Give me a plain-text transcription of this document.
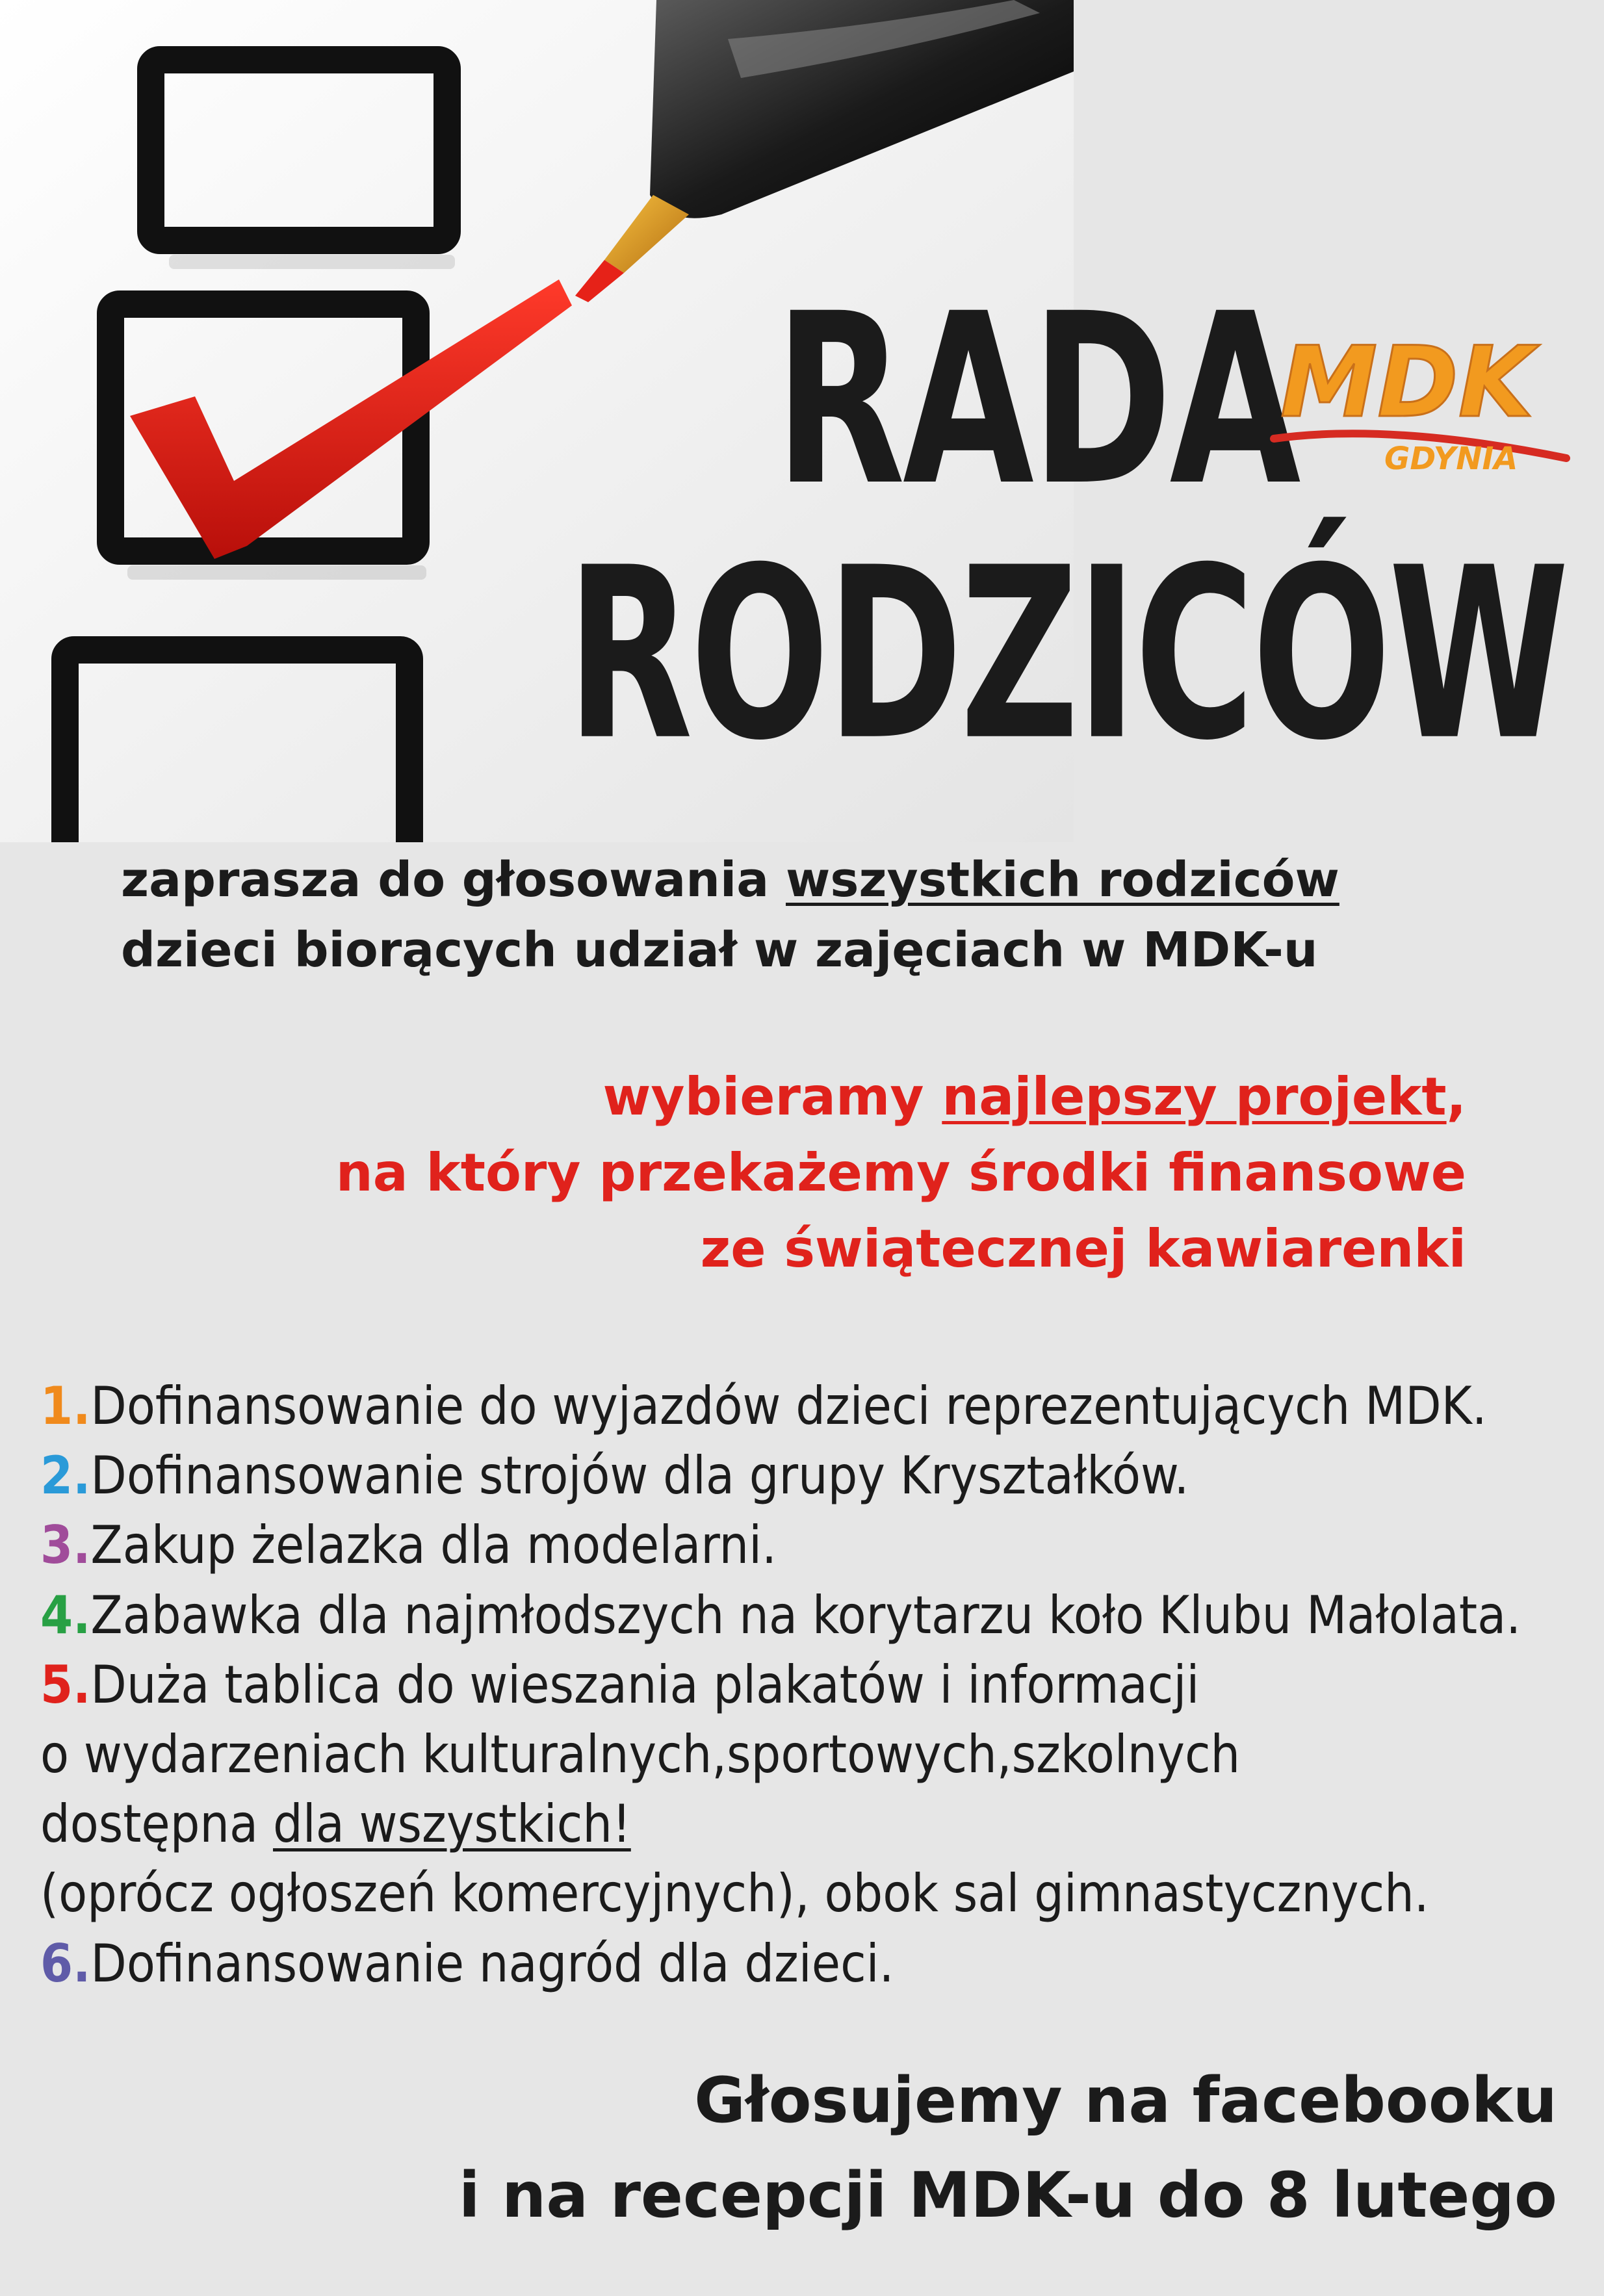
RADA
RODZICÓW
MDK
GDYNIA
zaprasza do głosowania wszystkich rodziców
dzieci biorących udział w zajęciach w MDK-u
wybieramy najlepszy projekt,
na który przekażemy środki finansowe
ze świątecznej kawiarenki
1.Dofinansowanie do wyjazdów dzieci reprezentujących MDK.
2.Dofinansowanie strojów dla grupy Kryształków.
3.Zakup żelazka dla modelarni.
4.Zabawka dla najmłodszych na korytarzu koło Klubu Małolata.
5.Duża tablica do wieszania plakatów i informacji
o wydarzeniach kulturalnych,sportowych,szkolnych
dostępna dla wszystkich!
(oprócz ogłoszeń komercyjnych), obok sal gimnastycznych.
6.Dofinansowanie nagród dla dzieci.
Głosujemy na facebooku
i na recepcji MDK-u do 8 lutego
